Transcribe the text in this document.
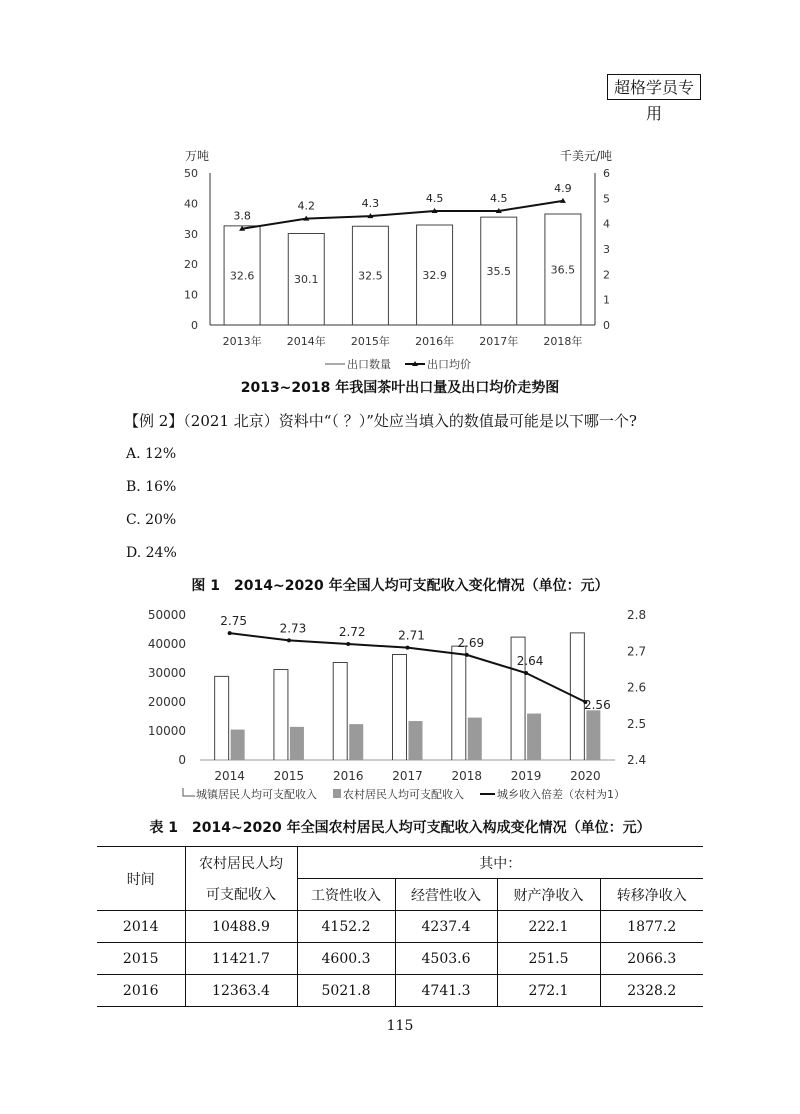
超格学员专用
万吨	千美元/吨
0
10
20
30
40
50
0
1
2
3
4
5
6
32.6
2013年
3.8
30.1
2014年
4.2
32.5
2015年
4.3
32.9
2016年
4.5
35.5
2017年
4.5
36.5
2018年
4.9
出口数量	出口均价
2013~2018 年我国茶叶出口量及出口均价走势图
【例 2】（2021 北京）资料中“（ ？）”处应当填入的数值最可能是以下哪一个?
A. 12%
B. 16%
C. 20%
D. 24%
图 1　2014~2020 年全国人均可支配收入变化情况（单位：元）
0
10000
20000
30000
40000
50000
2.4
2.5
2.6
2.7
2.8
2014
2.75
2015
2.73
2016
2.72
2017
2.71
2018
2.69
2019
2.64
2020
2.56
城镇居民人均可支配收入 农村居民人均可支配收入	城乡收入倍差（农村为1）
表 1　2014~2020 年全国农村居民人均可支配收入构成变化情况（单位：元）
时间	农村居民人均	其中：			
	可支配收入	工资性收入	经营性收入	财产净收入	转移净收入
2014	10488.9	4152.2	4237.4	222.1	1877.2
2015	11421.7	4600.3	4503.6	251.5	2066.3
2016	12363.4	5021.8	4741.3	272.1	2328.2
115
